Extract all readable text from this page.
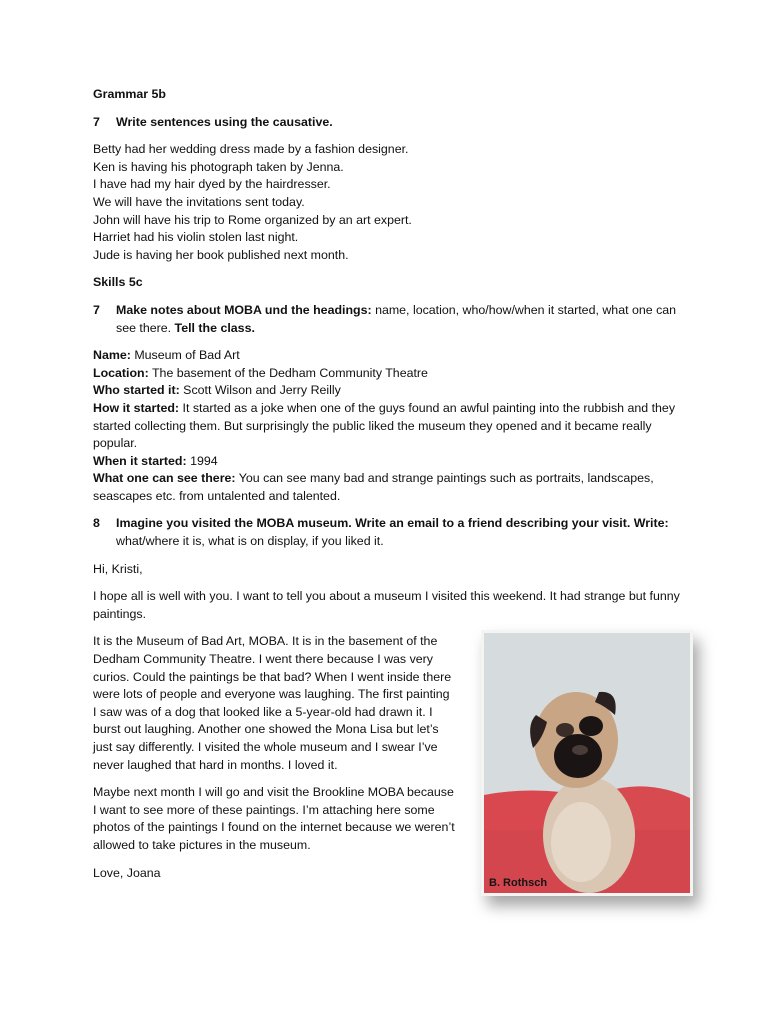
Grammar 5b
7 Write sentences using the causative.
Betty had her wedding dress made by a fashion designer.
Ken is having his photograph taken by Jenna.
I have had my hair dyed by the hairdresser.
We will have the invitations sent today.
John will have his trip to Rome organized by an art expert.
Harriet had his violin stolen last night.
Jude is having her book published next month.
Skills 5c
7 Make notes about MOBA und the headings: name, location, who/how/when it started, what one can see there. Tell the class.
Name: Museum of Bad Art
Location: The basement of the Dedham Community Theatre
Who started it: Scott Wilson and Jerry Reilly
How it started: It started as a joke when one of the guys found an awful painting into the rubbish and they started collecting them. But surprisingly the public liked the museum they opened and it became really popular.
When it started: 1994
What one can see there: You can see many bad and strange paintings such as portraits, landscapes, seascapes etc. from untalented and talented.
8 Imagine you visited the MOBA museum. Write an email to a friend describing your visit. Write: what/where it is, what is on display, if you liked it.
Hi, Kristi,
I hope all is well with you. I want to tell you about a museum I visited this weekend. It had strange but funny paintings.
It is the Museum of Bad Art, MOBA. It is in the basement of the Dedham Community Theatre. I went there because I was very curios. Could the paintings be that bad? When I went inside there were lots of people and everyone was laughing. The first painting I saw was of a dog that looked like a 5-year-old had drawn it. I burst out laughing. Another one showed the Mona Lisa but let’s just say differently. I visited the whole museum and I swear I’ve never laughed that hard in months. I loved it.
Maybe next month I will go and visit the Brookline MOBA because I want to see more of these paintings. I’m attaching here some photos of the paintings I found on the internet because we weren’t allowed to take pictures in the museum.
Love, Joana
B. Rothsch
